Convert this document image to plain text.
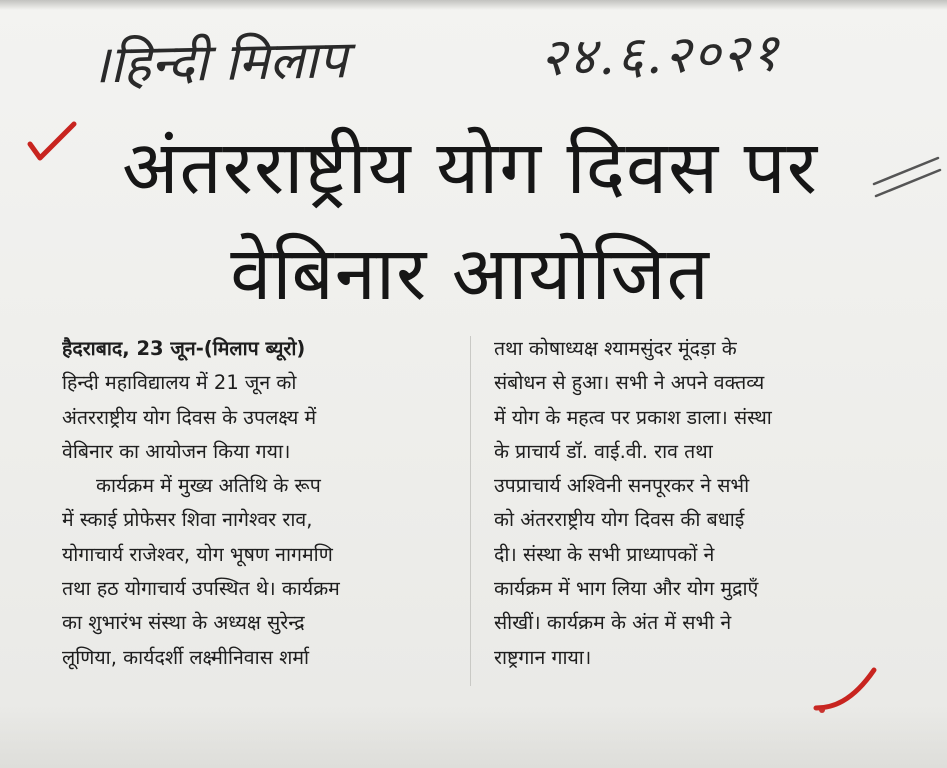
।हिन्दी मिलाप	२४.६.२०२१
अंतरराष्ट्रीय योग दिवस पर
वेबिनार आयोजित
हैदराबाद, 23 जून-(मिलाप ब्यूरो)
हिन्दी महाविद्यालय में 21 जून को
अंतरराष्ट्रीय योग दिवस के उपलक्ष्य में
वेबिनार का आयोजन किया गया।
कार्यक्रम में मुख्य अतिथि के रूप
में स्काई प्रोफेसर शिवा नागेश्वर राव,
योगाचार्य राजेश्वर, योग भूषण नागमणि
तथा हठ योगाचार्य उपस्थित थे। कार्यक्रम
का शुभारंभ संस्था के अध्यक्ष सुरेन्द्र
लूणिया, कार्यदर्शी लक्ष्मीनिवास शर्मा
तथा कोषाध्यक्ष श्यामसुंदर मूंदड़ा के
संबोधन से हुआ। सभी ने अपने वक्तव्य
में योग के महत्व पर प्रकाश डाला। संस्था
के प्राचार्य डॉ. वाई.वी. राव तथा
उपप्राचार्य अश्विनी सनपूरकर ने सभी
को अंतरराष्ट्रीय योग दिवस की बधाई
दी। संस्था के सभी प्राध्यापकों ने
कार्यक्रम में भाग लिया और योग मुद्राएँ
सीखीं। कार्यक्रम के अंत में सभी ने
राष्ट्रगान गाया।
